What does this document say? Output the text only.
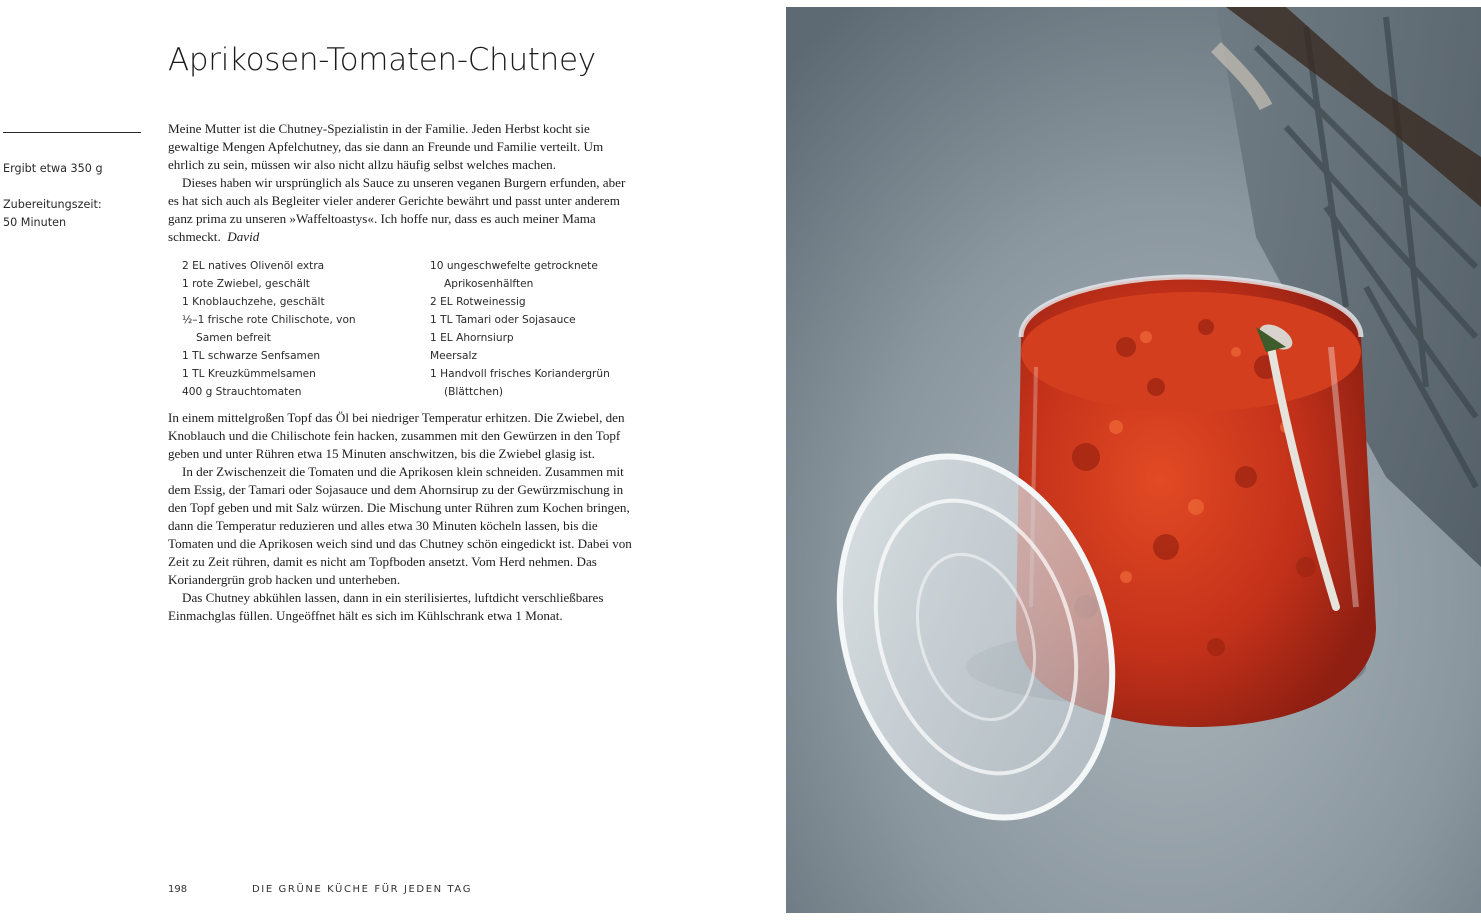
Aprikosen-Tomaten-Chutney
Ergibt etwa 350 g
Zubereitungszeit:
50 Minuten

Meine Mutter ist die Chutney-Spezialistin in der Familie. Jeden Herbst kocht sie gewaltige Mengen Apfelchutney, das sie dann an Freunde und Familie verteilt. Um ehrlich zu sein, müssen wir also nicht allzu häufig selbst welches machen.

Dieses haben wir ursprünglich als Sauce zu unseren veganen Burgern erfunden, aber es hat sich auch als Begleiter vieler anderer Gerichte bewährt und passt unter anderem ganz prima zu unseren »Waffeltoastys«. Ich hoffe nur, dass es auch meiner Mama schmeckt. David

2 EL natives Olivenöl extra
1 rote Zwiebel, geschält
1 Knoblauchzehe, geschält
½–1 frische rote Chilischote, von Samen befreit
1 TL schwarze Senfsamen
1 TL Kreuzkümmelsamen
400 g Strauchtomaten
10 ungeschwefelte getrocknete Aprikosenhälften
2 EL Rotweinessig
1 TL Tamari oder Sojasauce
1 EL Ahornsiurp
Meersalz
1 Handvoll frisches Koriandergrün (Blättchen)

In einem mittelgroßen Topf das Öl bei niedriger Temperatur erhitzen. Die Zwiebel, den Knoblauch und die Chilischote fein hacken, zusammen mit den Gewürzen in den Topf geben und unter Rühren etwa 15 Minuten anschwitzen, bis die Zwiebel glasig ist.

In der Zwischenzeit die Tomaten und die Aprikosen klein schneiden. Zusammen mit dem Essig, der Tamari oder Sojasauce und dem Ahornsirup zu der Gewürzmischung in den Topf geben und mit Salz würzen. Die Mischung unter Rühren zum Kochen bringen, dann die Temperatur reduzieren und alles etwa 30 Minuten köcheln lassen, bis die Tomaten und die Aprikosen weich sind und das Chutney schön eingedickt ist. Dabei von Zeit zu Zeit rühren, damit es nicht am Topfboden ansetzt. Vom Herd nehmen. Das Koriandergrün grob hacken und unterheben.

Das Chutney abkühlen lassen, dann in ein sterilisiertes, luftdicht verschließbares Einmachglas füllen. Ungeöffnet hält es sich im Kühlschrank etwa 1 Monat.

198	DIE GRÜNE KÜCHE FÜR JEDEN TAG
